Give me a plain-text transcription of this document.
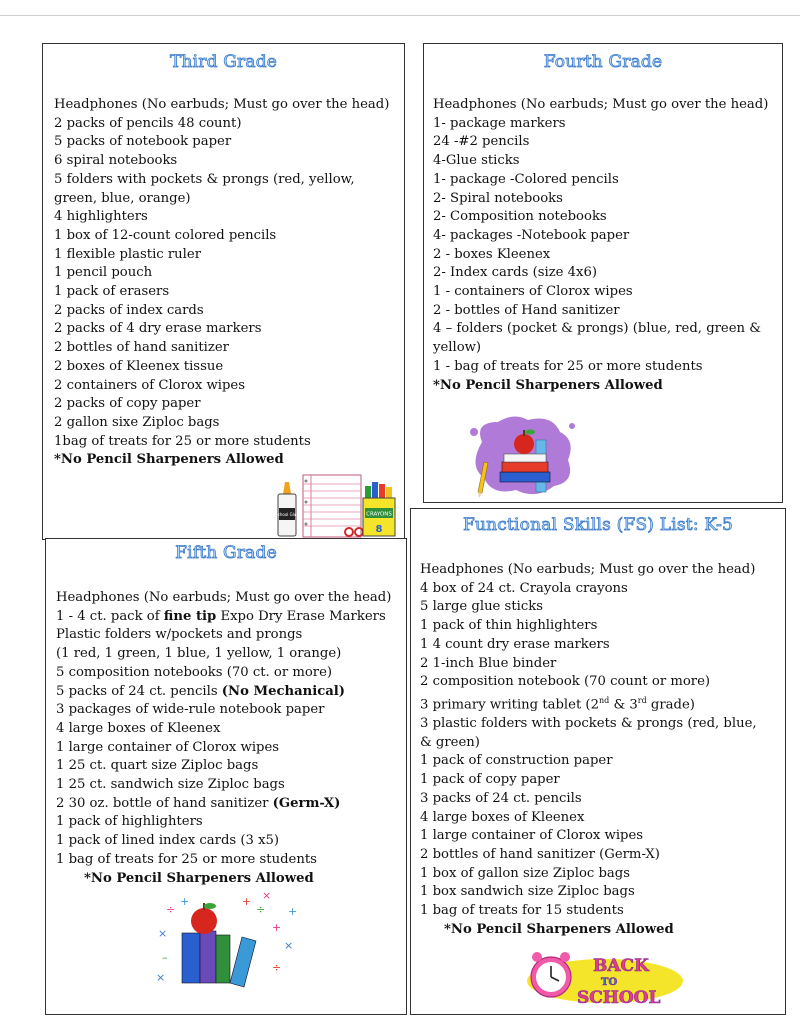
Third Grade
Headphones (No earbuds; Must go over the head)
2 packs of pencils 48 count)
5 packs of notebook paper
6 spiral notebooks
5 folders with pockets & prongs (red, yellow, green, blue, orange)
4 highlighters
1 box of 12-count colored pencils
1 flexible plastic ruler
1 pencil pouch
1 pack of erasers
2 packs of index cards
2 packs of 4 dry erase markers
2 bottles of hand sanitizer
2 boxes of Kleenex tissue
2 containers of Clorox wipes
2 packs of copy paper
2 gallon sixe Ziploc bags
1bag of treats for 25 or more students
*No Pencil Sharpeners Allowed
School Glue	CRAYONS
8
Fourth Grade
Headphones (No earbuds; Must go over the head)
1- package markers
24 -#2 pencils
4-Glue sticks
1- package -Colored pencils
2- Spiral notebooks
2- Composition notebooks
4- packages -Notebook paper
2 - boxes Kleenex
2- Index cards (size 4x6)
1 - containers of Clorox wipes
2 - bottles of Hand sanitizer
4 – folders (pocket & prongs) (blue, red, green & yellow)
1 - bag of treats for 25 or more students
*No Pencil Sharpeners Allowed
Fifth Grade
Headphones (No earbuds; Must go over the head)
1 - 4 ct. pack of fine tip Expo Dry Erase Markers
Plastic folders w/pockets and prongs
(1 red, 1 green, 1 blue, 1 yellow, 1 orange)
5 composition notebooks (70 ct. or more)
5 packs of 24 ct. pencils (No Mechanical)
3 packages of wide-rule notebook paper
4 large boxes of Kleenex
1 large container of Clorox wipes
1 25 ct. quart size Ziploc bags
1 25 ct. sandwich size Ziploc bags
2 30 oz. bottle of hand sanitizer (Germ-X)
1 pack of highlighters
1 pack of lined index cards (3 x5)
1 bag of treats for 25 or more students
*No Pencil Sharpeners Allowed
÷
+
×
+
÷
+
×
–
×
÷
+
×
Functional Skills (FS) List: K-5
Headphones (No earbuds; Must go over the head)
4 box of 24 ct. Crayola crayons
5 large glue sticks
1 pack of thin highlighters
1 4 count dry erase markers
2 1-inch Blue binder
2 composition notebook (70 count or more)
3 primary writing tablet (2nd & 3rd grade)
3 plastic folders with pockets & prongs (red, blue, & green)
1 pack of construction paper
1 pack of copy paper
3 packs of 24 ct. pencils
4 large boxes of Kleenex
1 large container of Clorox wipes
2 bottles of hand sanitizer (Germ-X)
1 box of gallon size Ziploc bags
1 box sandwich size Ziploc bags
1 bag of treats for 15 students
*No Pencil Sharpeners Allowed
BACK
TO
SCHOOL
